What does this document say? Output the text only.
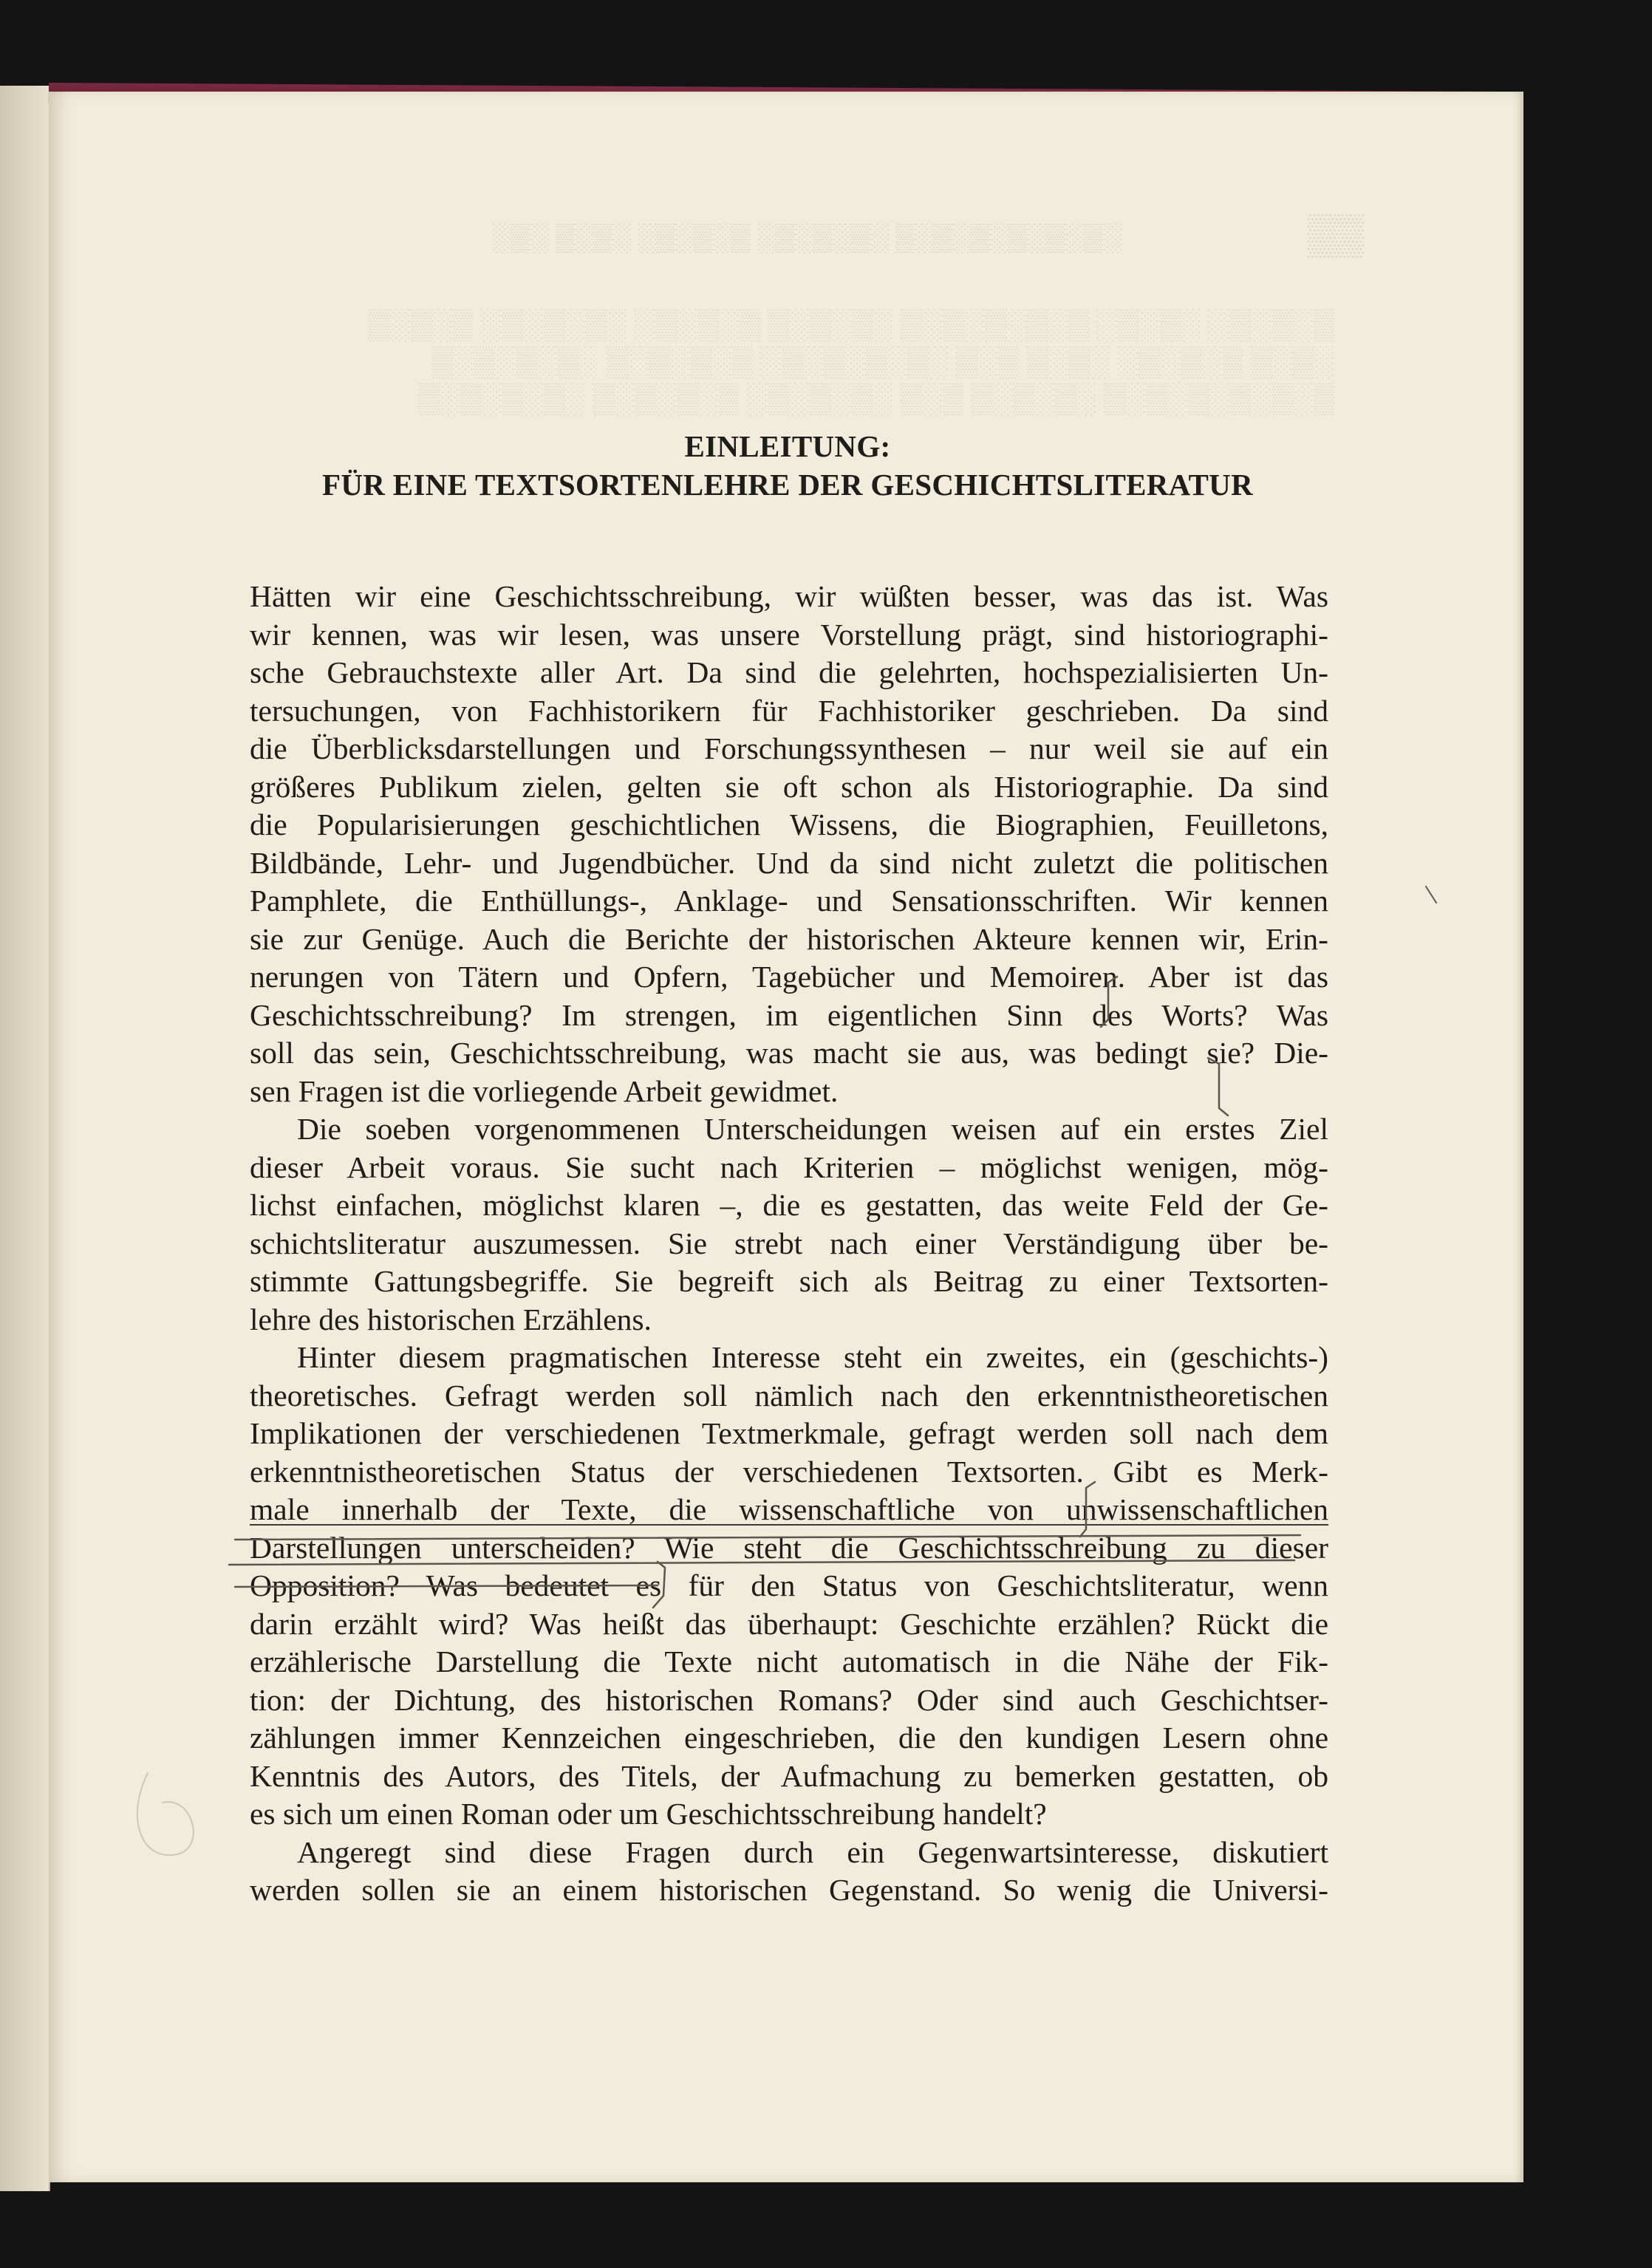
░▒░ ▒░▒░ ░▒░▒░▒ ░▒░▒░▒░ ▒░▒░▒░▒░▒░▒░	▒▒
▒░▒░▒░ ░▒░▒░ ▒░▒░▒░▒░▒ ░▒░▒░▒ ▒░▒░▒░ ░▒░▒░▒░ ▒░▒░▒
░▒░▒ ▒░▒░▒░ ░▒░▒ ▒░▒ ░▒░▒░▒░▒░ ▒░▒░▒░▒ ░▒░▒░▒░▒
▒░▒░▒░▒░▒░▒ ░▒░▒░▒ ▒░▒ ░▒░▒░▒░ ▒░▒░▒░▒ ░▒░▒░▒░▒
EINLEITUNG:
FÜR EINE TEXTSORTENLEHRE DER GESCHICHTSLITERATUR

Hätten wir eine Geschichtsschreibung, wir wüßten besser, was das ist. Was

wir kennen, was wir lesen, was unsere Vorstellung prägt, sind historiographi-

sche Gebrauchstexte aller Art. Da sind die gelehrten, hochspezialisierten Un-

tersuchungen, von Fachhistorikern für Fachhistoriker geschrieben. Da sind

die Überblicksdarstellungen und Forschungssynthesen – nur weil sie auf ein

größeres Publikum zielen, gelten sie oft schon als Historiographie. Da sind

die Popularisierungen geschichtlichen Wissens, die Biographien, Feuilletons,

Bildbände, Lehr- und Jugendbücher. Und da sind nicht zuletzt die politischen

Pamphlete, die Enthüllungs-, Anklage- und Sensationsschriften. Wir kennen

sie zur Genüge. Auch die Berichte der historischen Akteure kennen wir, Erin-

nerungen von Tätern und Opfern, Tagebücher und Memoiren. Aber ist das

Geschichtsschreibung? Im strengen, im eigentlichen Sinn des Worts? Was

soll das sein, Geschichtsschreibung, was macht sie aus, was bedingt sie? Die-

sen Fragen ist die vorliegende Arbeit gewidmet.

Die soeben vorgenommenen Unterscheidungen weisen auf ein erstes Ziel

dieser Arbeit voraus. Sie sucht nach Kriterien – möglichst wenigen, mög-

lichst einfachen, möglichst klaren –, die es gestatten, das weite Feld der Ge-

schichtsliteratur auszumessen. Sie strebt nach einer Verständigung über be-

stimmte Gattungsbegriffe. Sie begreift sich als Beitrag zu einer Textsorten-

lehre des historischen Erzählens.

Hinter diesem pragmatischen Interesse steht ein zweites, ein (geschichts-)

theoretisches. Gefragt werden soll nämlich nach den erkenntnistheoretischen

Implikationen der verschiedenen Textmerkmale, gefragt werden soll nach dem

erkenntnistheoretischen Status der verschiedenen Textsorten. Gibt es Merk-

male innerhalb der Texte, die wissenschaftliche von unwissenschaftlichen

Darstellungen unterscheiden? Wie steht die Geschichtsschreibung zu dieser

Opposition? Was bedeutet es für den Status von Geschichtsliteratur, wenn

darin erzählt wird? Was heißt das überhaupt: Geschichte erzählen? Rückt die

erzählerische Darstellung die Texte nicht automatisch in die Nähe der Fik-

tion: der Dichtung, des historischen Romans? Oder sind auch Geschichtser-

zählungen immer Kennzeichen eingeschrieben, die den kundigen Lesern ohne

Kenntnis des Autors, des Titels, der Aufmachung zu bemerken gestatten, ob

es sich um einen Roman oder um Geschichtsschreibung handelt?

Angeregt sind diese Fragen durch ein Gegenwartsinteresse, diskutiert

werden sollen sie an einem historischen Gegenstand. So wenig die Universi-
